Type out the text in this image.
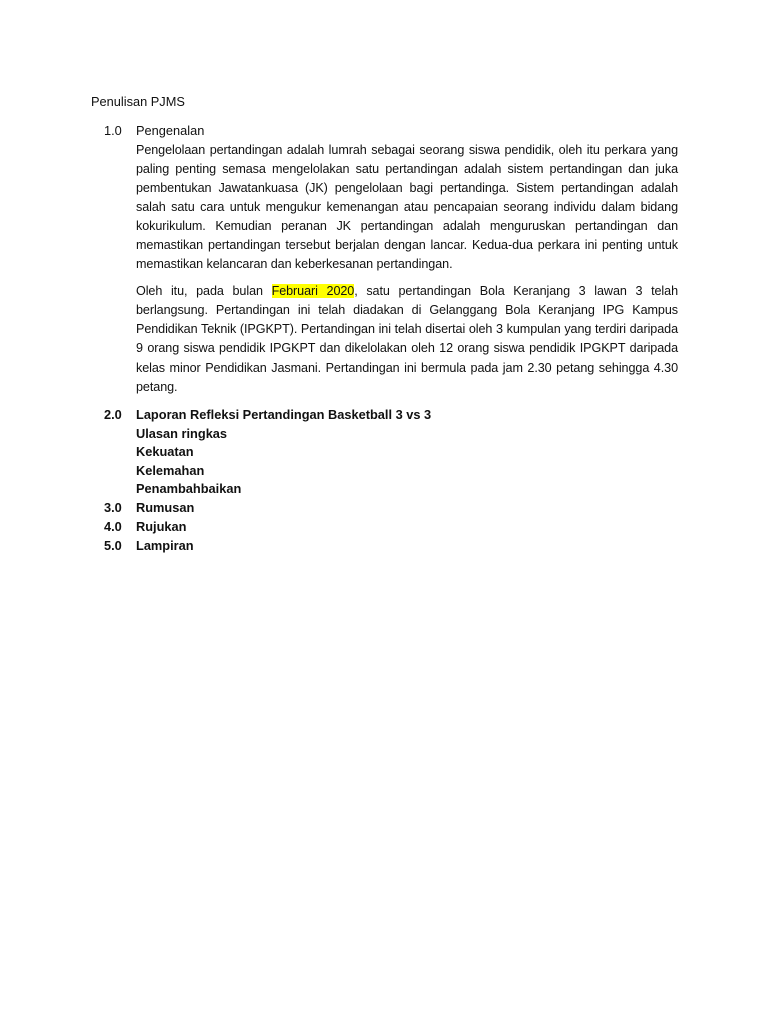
Penulisan PJMS
1.0	Pengenalan

Pengelolaan pertandingan adalah lumrah sebagai seorang siswa pendidik, oleh itu perkara yang paling penting semasa mengelolakan satu pertandingan adalah sistem pertandingan dan juka pembentukan Jawatankuasa (JK) pengelolaan bagi pertandinga. Sistem pertandingan adalah salah satu cara untuk mengukur kemenangan atau pencapaian seorang individu dalam bidang kokurikulum. Kemudian peranan JK pertandingan adalah menguruskan pertandingan dan memastikan pertandingan tersebut berjalan dengan lancar. Kedua-dua perkara ini penting untuk memastikan kelancaran dan keberkesanan pertandingan.

Oleh itu, pada bulan Februari 2020, satu pertandingan Bola Keranjang 3 lawan 3 telah berlangsung. Pertandingan ini telah diadakan di Gelanggang Bola Keranjang IPG Kampus Pendidikan Teknik (IPGKPT). Pertandingan ini telah disertai oleh 3 kumpulan yang terdiri daripada 9 orang siswa pendidik IPGKPT dan dikelolakan oleh 12 orang siswa pendidik IPGKPT daripada kelas minor Pendidikan Jasmani. Pertandingan ini bermula pada jam 2.30 petang sehingga 4.30 petang.

2.0	Laporan Refleksi Pertandingan Basketball 3 vs 3
Ulasan ringkas
Kekuatan
Kelemahan
Penambahbaikan
3.0	Rumusan
4.0	Rujukan
5.0	Lampiran
